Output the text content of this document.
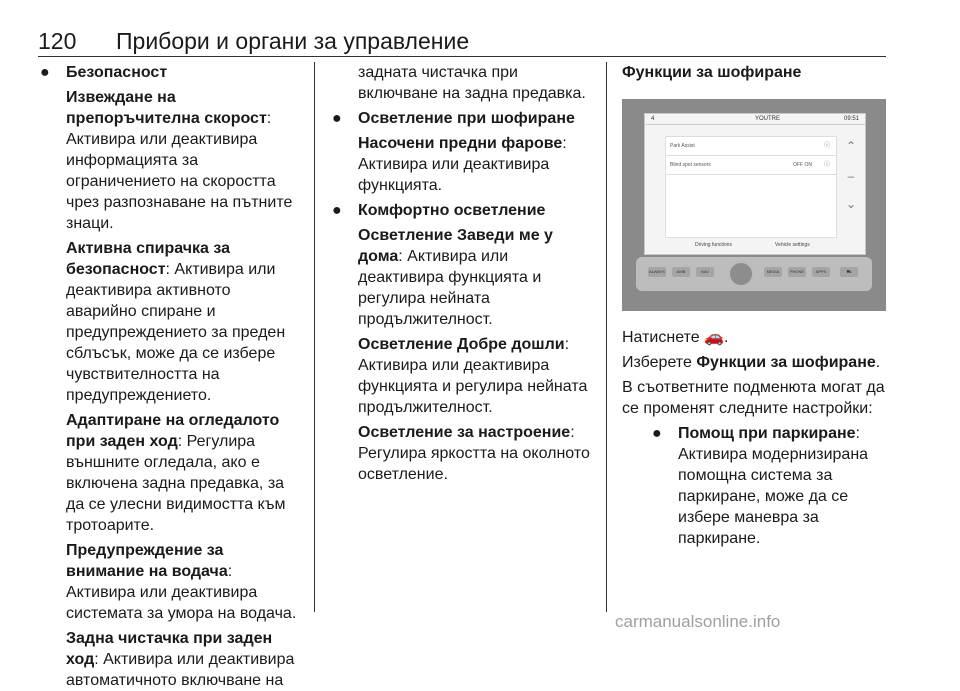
120 Прибори и органи за управление
● Безопасност

Извеждане на препоръчителна скорост: Активира или деактивира информацията за ограничението на скоростта чрез разпознаване на пътните знаци.

Активна спирачка за безопасност: Активира или деактивира активното аварийно спиране и предупреждението за преден сблъсък, може да се избере чувствителността на предупреждението.

Адаптиране на огледалото при заден ход: Регулира външните огледала, ако е включена задна предавка, за да се улесни видимостта към тротоарите.

Предупреждение за внимание на водача: Активира или деактивира системата за умора на водача.

Задна чистачка при заден ход: Активира или деактивира автоматичното включване на

задната чистачка при включване на задна предавка.

● Осветление при шофиране

Насочени предни фарове: Активира или деактивира функцията.

● Комфортно осветление

Осветление Заведи ме у дома: Активира или деактивира функцията и регулира нейната продължителност.

Осветление Добре дошли: Активира или деактивира функцията и регулира нейната продължителност.

Осветление за настроение: Регулира яркостта на околното осветление.

Функции за шофиране

4	YOUTRE	09:51
Park Assist	ⓘ
Blind spot sensors	OFF ON ⓘ
⌃
–
⌄
Driving functions	Vehicle settings
ALWAYS	AMB	NAV	MEDIA	PHONE	APPS	⛟

Натиснете 🚗.

Изберете Функции за шофиране.

В съответните подменюта могат да се променят следните настройки:

● Помощ при паркиране: Активира модернизирана помощна система за паркиране, може да се избере маневра за паркиране.

carmanualsonline.info
